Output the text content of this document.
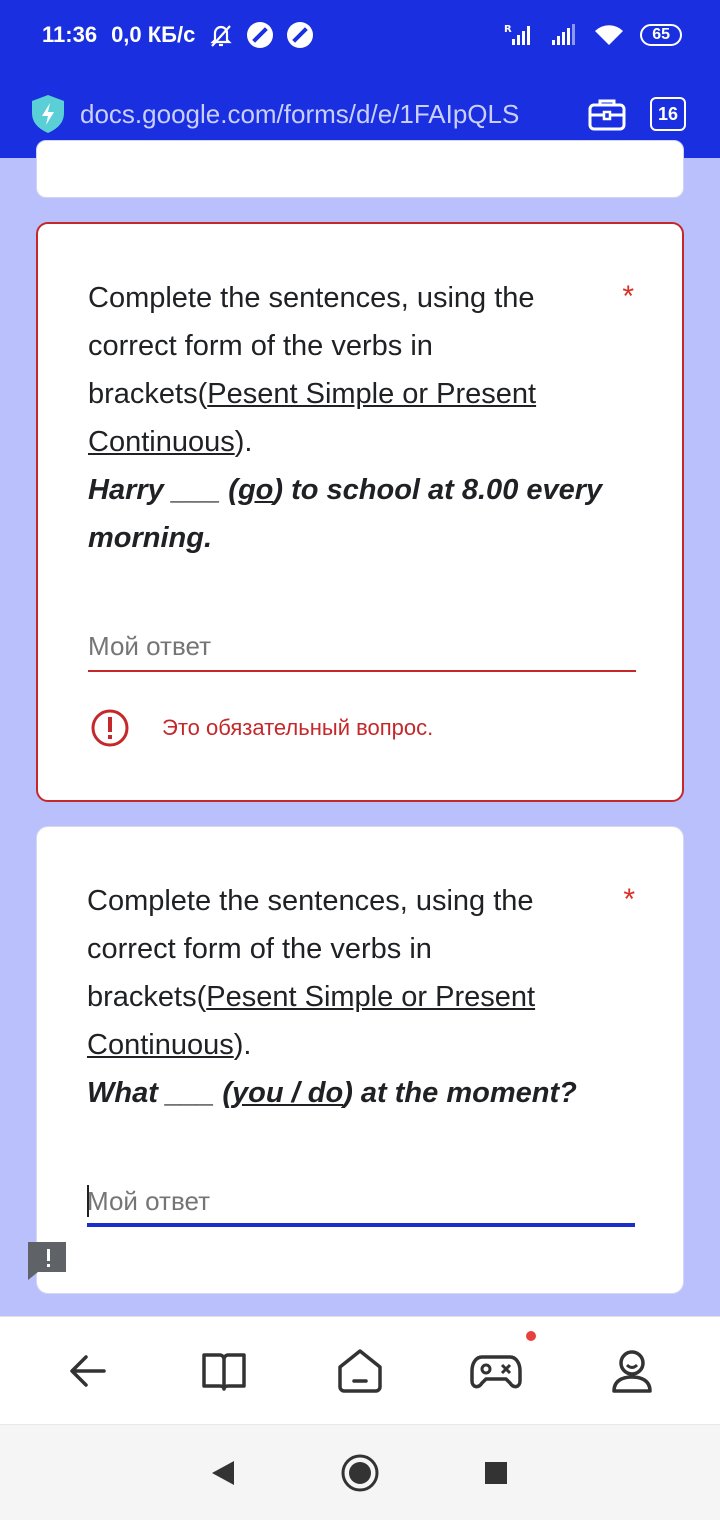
11:36 0,0 КБ/с	R	65
docs.google.com/forms/d/e/1FAIpQLS	16
*
Complete the sentences, using the correct form of the verbs in brackets(Pesent Simple or Present Continuous).
Harry ___ (go) to school at 8.00 every morning.
Мой ответ
Это обязательный вопрос.
*
Complete the sentences, using the correct form of the verbs in brackets(Pesent Simple or Present Continuous).
What ___ (you / do) at the moment?
Мой ответ
